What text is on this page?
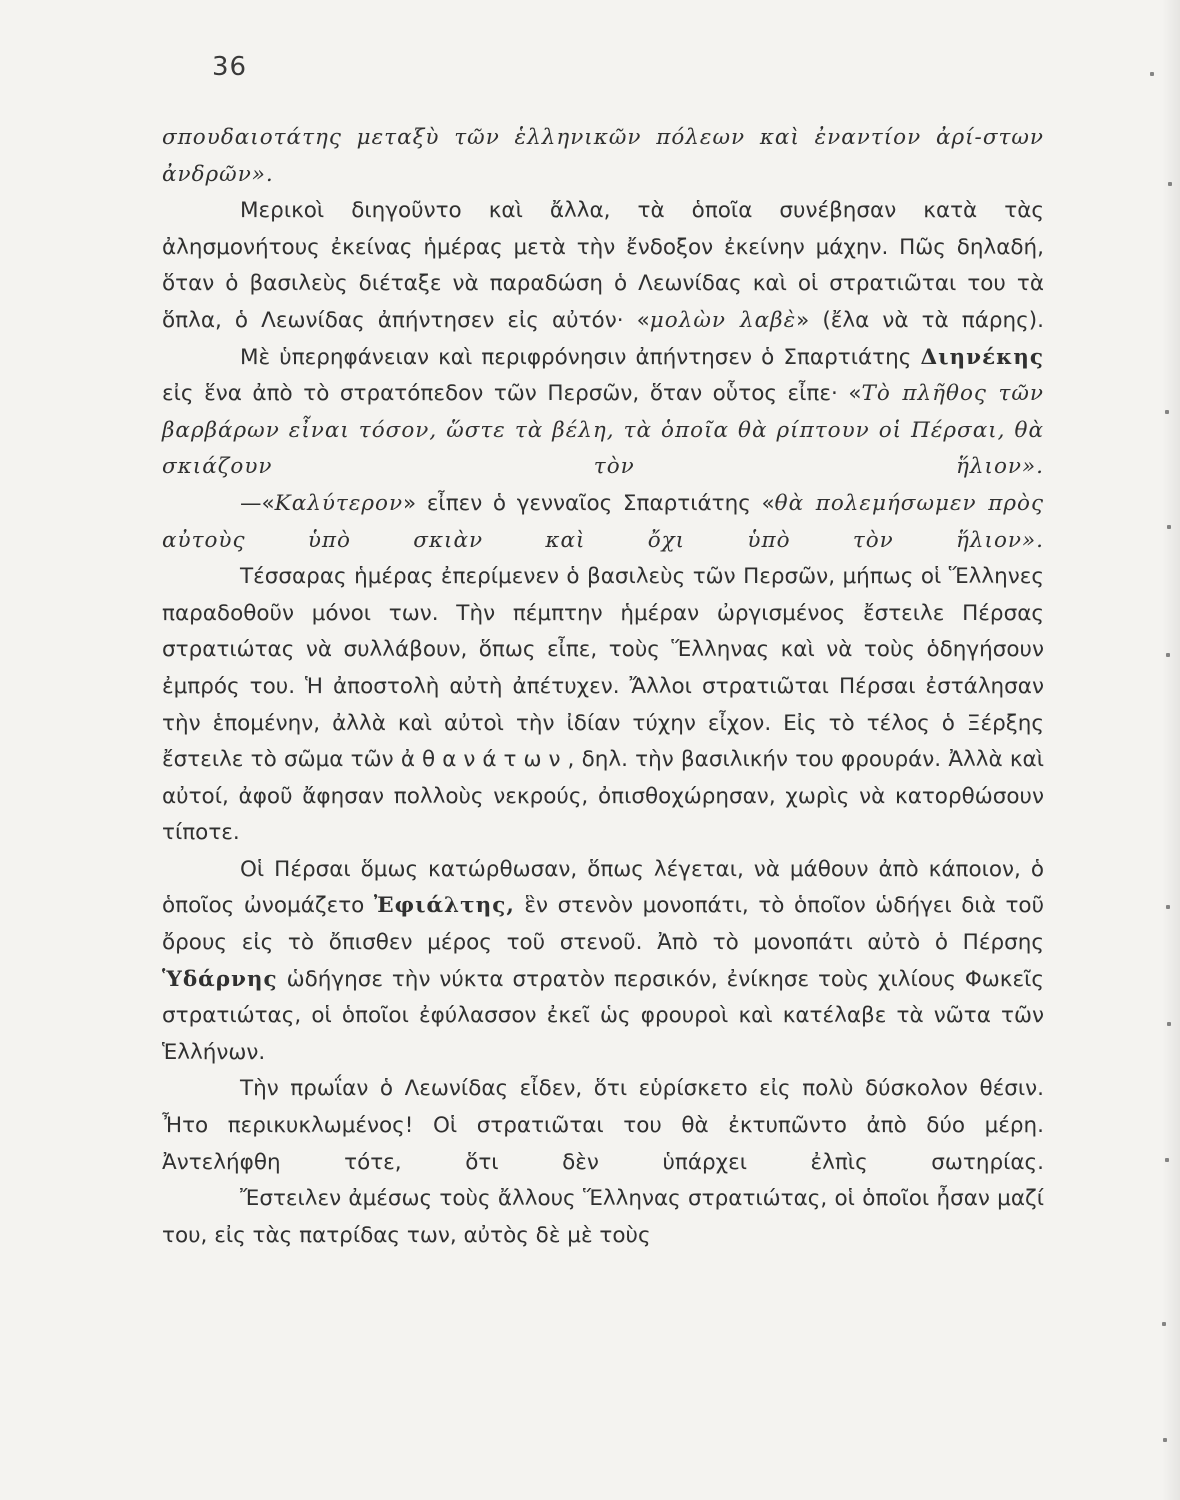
36

σπουδαιοτάτης μεταξὺ τῶν ἑλληνικῶν πόλεων καὶ ἐναντίον ἀρί-στων ἀνδρῶν».

Μερικοὶ διηγοῦντο καὶ ἄλλα, τὰ ὁποῖα συνέβησαν κατὰ τὰς ἀλησμονήτους ἐκείνας ἡμέρας μετὰ τὴν ἔνδοξον ἐκείνην μάχην. Πῶς δηλαδή, ὅταν ὁ βασιλεὺς διέταξε νὰ παραδώση ὁ Λεωνίδας καὶ οἱ στρατιῶται του τὰ ὅπλα, ὁ Λεωνίδας ἀπήντησεν εἰς αὐτόν· «μολὼν λαβὲ» (ἔλα νὰ τὰ πάρης).

Μὲ ὑπερηφάνειαν καὶ περιφρόνησιν ἀπήντησεν ὁ Σπαρτιάτης Διηνέκης εἰς ἕνα ἀπὸ τὸ στρατόπεδον τῶν Περσῶν, ὅταν οὗτος εἶπε· «Τὸ πλῆθος τῶν βαρβάρων εἶναι τόσον, ὥστε τὰ βέλη, τὰ ὁποῖα θὰ ρίπτουν οἱ Πέρσαι, θὰ σκιάζουν τὸν ἥλιον».

—«Καλύτερον» εἶπεν ὁ γενναῖος Σπαρτιάτης «θὰ πολεμήσωμεν πρὸς αὐτοὺς ὑπὸ σκιὰν καὶ ὄχι ὑπὸ τὸν ἥλιον».

Τέσσαρας ἡμέρας ἐπερίμενεν ὁ βασιλεὺς τῶν Περσῶν, μήπως οἱ Ἕλληνες παραδοθοῦν μόνοι των. Τὴν πέμπτην ἡμέραν ὠργισμένος ἔστειλε Πέρσας στρατιώτας νὰ συλλάβουν, ὅπως εἶπε, τοὺς Ἕλληνας καὶ νὰ τοὺς ὁδηγήσουν ἐμπρός του. Ἡ ἀποστολὴ αὐτὴ ἀπέτυχεν. Ἄλλοι στρατιῶται Πέρσαι ἐστάλησαν τὴν ἑπομένην, ἀλλὰ καὶ αὐτοὶ τὴν ἰδίαν τύχην εἶχον. Εἰς τὸ τέλος ὁ Ξέρξης ἔστειλε τὸ σῶμα τῶν ἀθανάτων, δηλ. τὴν βασιλικήν του φρουράν. Ἀλλὰ καὶ αὐτοί, ἀφοῦ ἄφησαν πολλοὺς νεκρούς, ὀπισθοχώρησαν, χωρὶς νὰ κατορθώσουν τίποτε.

Οἱ Πέρσαι ὅμως κατώρθωσαν, ὅπως λέγεται, νὰ μάθουν ἀπὸ κάποιον, ὁ ὁποῖος ὠνομάζετο Ἐφιάλτης, ἓν στενὸν μονοπάτι, τὸ ὁποῖον ὡδήγει διὰ τοῦ ὄρους εἰς τὸ ὄπισθεν μέρος τοῦ στενοῦ. Ἀπὸ τὸ μονοπάτι αὐτὸ ὁ Πέρσης Ὑδάρνης ὡδήγησε τὴν νύκτα στρατὸν περσικόν, ἐνίκησε τοὺς χιλίους Φωκεῖς στρατιώτας, οἱ ὁποῖοι ἐφύλασσον ἐκεῖ ὡς φρουροὶ καὶ κατέλαβε τὰ νῶτα τῶν Ἑλλήνων.

Τὴν πρωΐαν ὁ Λεωνίδας εἶδεν, ὅτι εὑρίσκετο εἰς πολὺ δύσκολον θέσιν. Ἦτο περικυκλωμένος! Οἱ στρατιῶται του θὰ ἐκτυπῶντο ἀπὸ δύο μέρη. Ἀντελήφθη τότε, ὅτι δὲν ὑπάρχει ἐλπὶς σωτηρίας.

Ἔστειλεν ἀμέσως τοὺς ἄλλους Ἕλληνας στρατιώτας, οἱ ὁποῖοι ἦσαν μαζί του, εἰς τὰς πατρίδας των, αὐτὸς δὲ μὲ τοὺς
